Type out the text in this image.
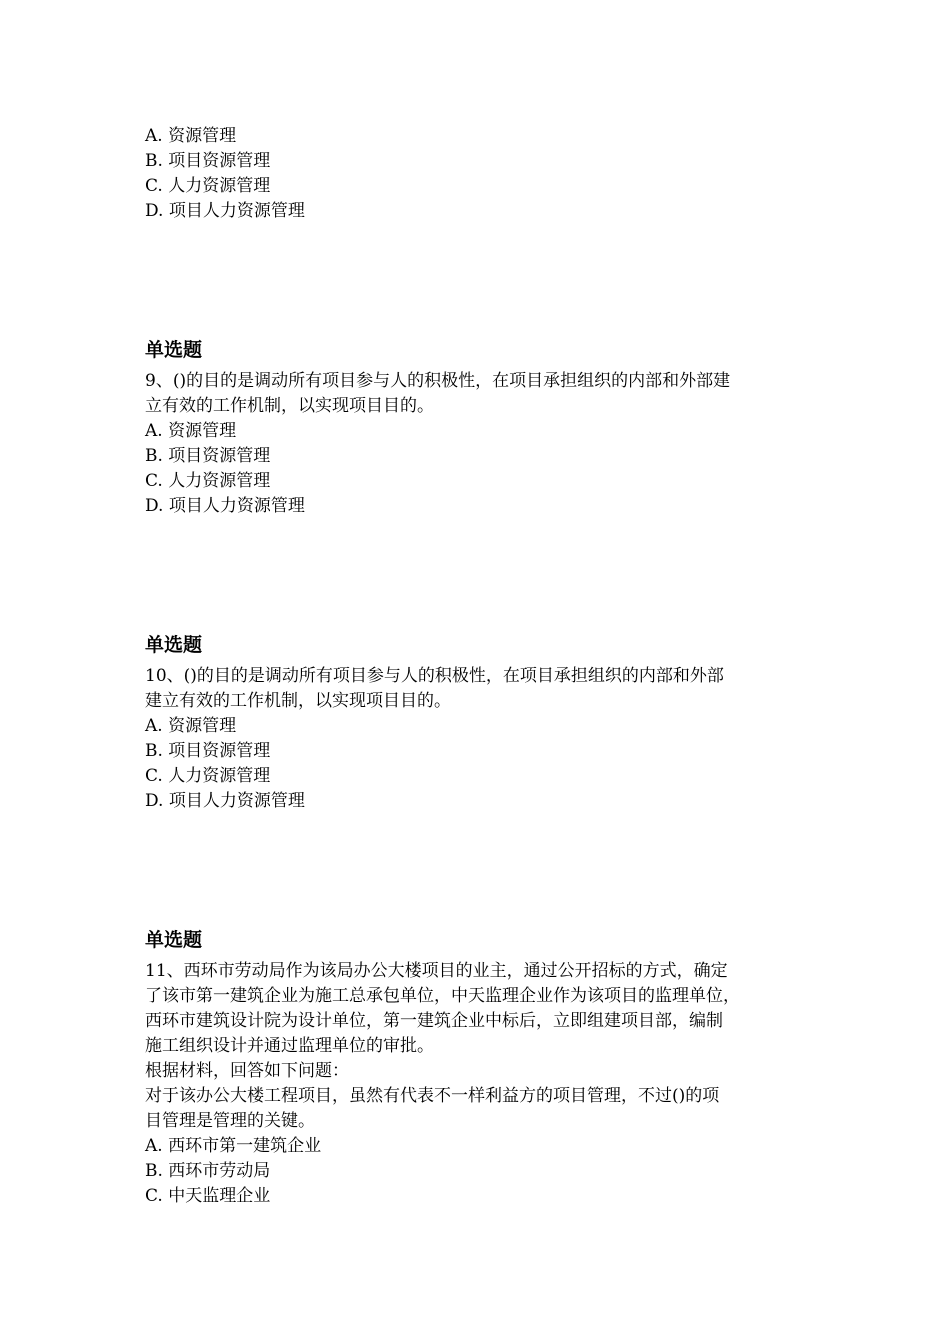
A. 资源管理
B. 项目资源管理
C. 人力资源管理
D. 项目人力资源管理
单选题
9、()的目的是调动所有项目参与人的积极性，在项目承担组织的内部和外部建
立有效的工作机制，以实现项目目的。
A. 资源管理
B. 项目资源管理
C. 人力资源管理
D. 项目人力资源管理
单选题
10、()的目的是调动所有项目参与人的积极性，在项目承担组织的内部和外部
建立有效的工作机制，以实现项目目的。
A. 资源管理
B. 项目资源管理
C. 人力资源管理
D. 项目人力资源管理
单选题
11、西环市劳动局作为该局办公大楼项目的业主，通过公开招标的方式，确定
了该市第一建筑企业为施工总承包单位，中天监理企业作为该项目的监理单位，
西环市建筑设计院为设计单位，第一建筑企业中标后，立即组建项目部，编制
施工组织设计并通过监理单位的审批。
根据材料，回答如下问题：
对于该办公大楼工程项目，虽然有代表不一样利益方的项目管理，不过()的项
目管理是管理的关键。
A. 西环市第一建筑企业
B. 西环市劳动局
C. 中天监理企业
